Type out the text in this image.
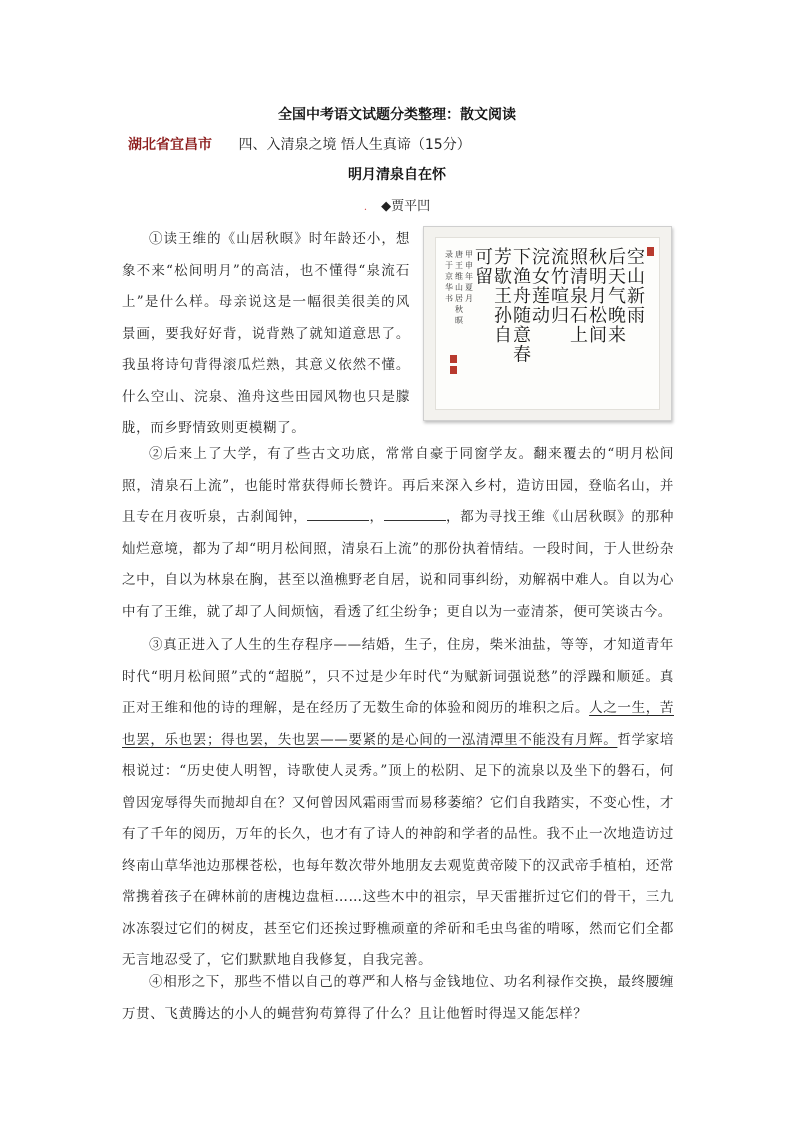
全国中考语文试题分类整理：散文阅读
湖北省宜昌市 四、入清泉之境 悟人生真谛（15分）
明月清泉自在怀
. ◆贾平凹
①读王维的《山居秋暝》时年龄还小，想象不来“松间明月”的高洁，也不懂得“泉流石上”是什么样。母亲说这是一幅很美很美的风景画，要我好好背，说背熟了就知道意思了。我虽将诗句背得滚瓜烂熟，其意义依然不懂。什么空山、浣泉、渔舟这些田园风物也只是朦胧，而乡野情致则更模糊了。
空
山
新
雨
后
天
气
晚
来
秋
明
月
松
间
照
清
泉
石
上
流
竹
喧
归
浣
女
莲
动
下
渔
舟
随
意
春
芳
歇
王
孙
自
可
留
甲
申
年
夏
月
唐
王
维
山
居
秋
暝
录
于
京
华
书
②后来上了大学，有了些古文功底，常常自豪于同窗学友。翻来覆去的“明月松间照，清泉石上流”，也能时常获得师长赞许。再后来深入乡村，造访田园，登临名山，并且专在月夜听泉，古刹闻钟，	，	，都为寻找王维《山居秋暝》的那种灿烂意境，都为了却“明月松间照，清泉石上流”的那份执着情结。一段时间，于人世纷杂之中，自以为林泉在胸，甚至以渔樵野老自居，说和同事纠纷，劝解祸中难人。自以为心中有了王维，就了却了人间烦恼，看透了红尘纷争；更自以为一壶清茶，便可笑谈古今。
③真正进入了人生的生存程序——结婚，生子，住房，柴米油盐，等等，才知道青年时代“明月松间照”式的“超脱”，只不过是少年时代“为赋新词强说愁”的浮躁和顺延。真正对王维和他的诗的理解，是在经历了无数生命的体验和阅历的堆积之后。人之一生，苦也罢，乐也罢；得也罢，失也罢——要紧的是心间的一泓清潭里不能没有月辉。哲学家培根说过：“历史使人明智，诗歌使人灵秀。”顶上的松阴、足下的流泉以及坐下的磐石，何曾因宠辱得失而抛却自在？又何曾因风霜雨雪而易移萎缩？它们自我踏实，不变心性，才有了千年的阅历，万年的长久，也才有了诗人的神韵和学者的品性。我不止一次地造访过终南山草华池边那棵苍松，也每年数次带外地朋友去观览黄帝陵下的汉武帝手植柏，还常常携着孩子在碑林前的唐槐边盘桓……这些木中的祖宗，早天雷摧折过它们的骨干，三九冰冻裂过它们的树皮，甚至它们还挨过野樵顽童的斧斫和毛虫鸟雀的啃啄，然而它们全都无言地忍受了，它们默默地自我修复，自我完善。
④相形之下，那些不惜以自己的尊严和人格与金钱地位、功名利禄作交换，最终腰缠万贯、飞黄腾达的小人的蝇营狗苟算得了什么？且让他暂时得逞又能怎样？
